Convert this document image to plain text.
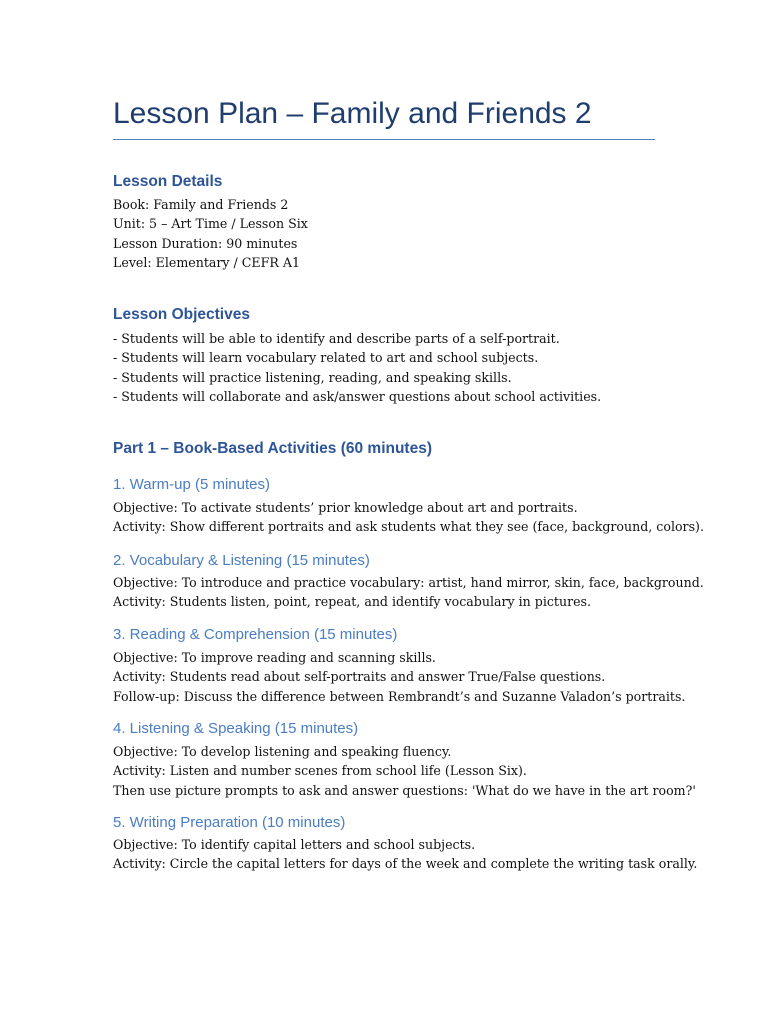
Lesson Plan – Family and Friends 2
Lesson Details
Book: Family and Friends 2
Unit: 5 – Art Time / Lesson Six
Lesson Duration: 90 minutes
Level: Elementary / CEFR A1
Lesson Objectives
- Students will be able to identify and describe parts of a self-portrait.
- Students will learn vocabulary related to art and school subjects.
- Students will practice listening, reading, and speaking skills.
- Students will collaborate and ask/answer questions about school activities.
Part 1 – Book-Based Activities (60 minutes)
1. Warm-up (5 minutes)
Objective: To activate students’ prior knowledge about art and portraits.
Activity: Show different portraits and ask students what they see (face, background, colors).
2. Vocabulary & Listening (15 minutes)
Objective: To introduce and practice vocabulary: artist, hand mirror, skin, face, background.
Activity: Students listen, point, repeat, and identify vocabulary in pictures.
3. Reading & Comprehension (15 minutes)
Objective: To improve reading and scanning skills.
Activity: Students read about self-portraits and answer True/False questions.
Follow-up: Discuss the difference between Rembrandt’s and Suzanne Valadon’s portraits.
4. Listening & Speaking (15 minutes)
Objective: To develop listening and speaking fluency.
Activity: Listen and number scenes from school life (Lesson Six).
Then use picture prompts to ask and answer questions: 'What do we have in the art room?'
5. Writing Preparation (10 minutes)
Objective: To identify capital letters and school subjects.
Activity: Circle the capital letters for days of the week and complete the writing task orally.
